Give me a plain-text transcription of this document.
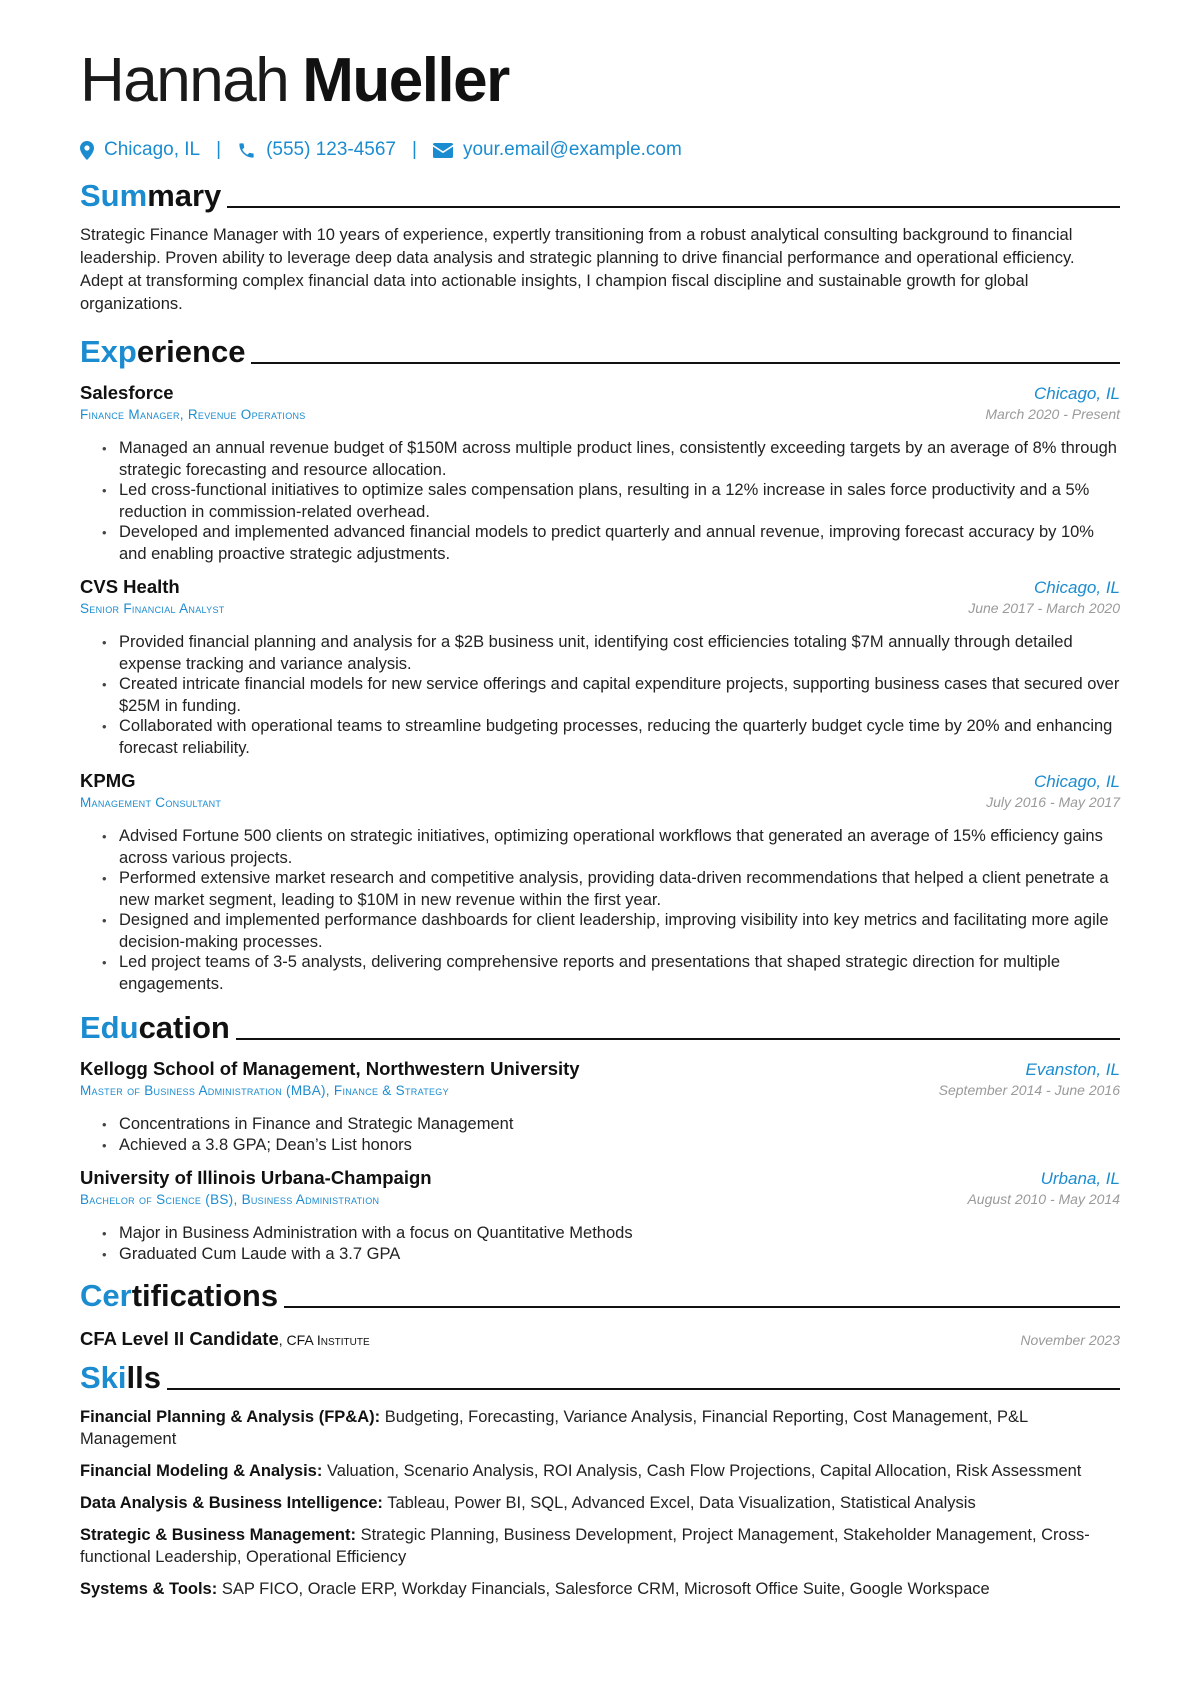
Hannah Mueller
Chicago, IL | (555) 123-4567 | your.email@example.com
Summary
Strategic Finance Manager with 10 years of experience, expertly transitioning from a robust analytical consulting background to financial leadership. Proven ability to leverage deep data analysis and strategic planning to drive financial performance and operational efficiency. Adept at transforming complex financial data into actionable insights, I champion fiscal discipline and sustainable growth for global organizations.
Experience
Salesforce	Chicago, IL
Finance Manager, Revenue Operations	March 2020 - Present
• Managed an annual revenue budget of $150M across multiple product lines, consistently exceeding targets by an average of 8% through strategic forecasting and resource allocation.
• Led cross-functional initiatives to optimize sales compensation plans, resulting in a 12% increase in sales force productivity and a 5% reduction in commission-related overhead.
• Developed and implemented advanced financial models to predict quarterly and annual revenue, improving forecast accuracy by 10% and enabling proactive strategic adjustments.
CVS Health	Chicago, IL
Senior Financial Analyst	June 2017 - March 2020
• Provided financial planning and analysis for a $2B business unit, identifying cost efficiencies totaling $7M annually through detailed expense tracking and variance analysis.
• Created intricate financial models for new service offerings and capital expenditure projects, supporting business cases that secured over $25M in funding.
• Collaborated with operational teams to streamline budgeting processes, reducing the quarterly budget cycle time by 20% and enhancing forecast reliability.
KPMG	Chicago, IL
Management Consultant	July 2016 - May 2017
• Advised Fortune 500 clients on strategic initiatives, optimizing operational workflows that generated an average of 15% efficiency gains across various projects.
• Performed extensive market research and competitive analysis, providing data-driven recommendations that helped a client penetrate a new market segment, leading to $10M in new revenue within the first year.
• Designed and implemented performance dashboards for client leadership, improving visibility into key metrics and facilitating more agile decision-making processes.
• Led project teams of 3-5 analysts, delivering comprehensive reports and presentations that shaped strategic direction for multiple engagements.
Education
Kellogg School of Management, Northwestern University	Evanston, IL
Master of Business Administration (MBA), Finance & Strategy	September 2014 - June 2016
• Concentrations in Finance and Strategic Management
• Achieved a 3.8 GPA; Dean’s List honors
University of Illinois Urbana-Champaign	Urbana, IL
Bachelor of Science (BS), Business Administration	August 2010 - May 2014
• Major in Business Administration with a focus on Quantitative Methods
• Graduated Cum Laude with a 3.7 GPA
Certifications
CFA Level II Candidate, CFA Institute	November 2023
Skills
Financial Planning & Analysis (FP&A): Budgeting, Forecasting, Variance Analysis, Financial Reporting, Cost Management, P&L Management
Financial Modeling & Analysis: Valuation, Scenario Analysis, ROI Analysis, Cash Flow Projections, Capital Allocation, Risk Assessment
Data Analysis & Business Intelligence: Tableau, Power BI, SQL, Advanced Excel, Data Visualization, Statistical Analysis
Strategic & Business Management: Strategic Planning, Business Development, Project Management, Stakeholder Management, Cross-functional Leadership, Operational Efficiency
Systems & Tools: SAP FICO, Oracle ERP, Workday Financials, Salesforce CRM, Microsoft Office Suite, Google Workspace
